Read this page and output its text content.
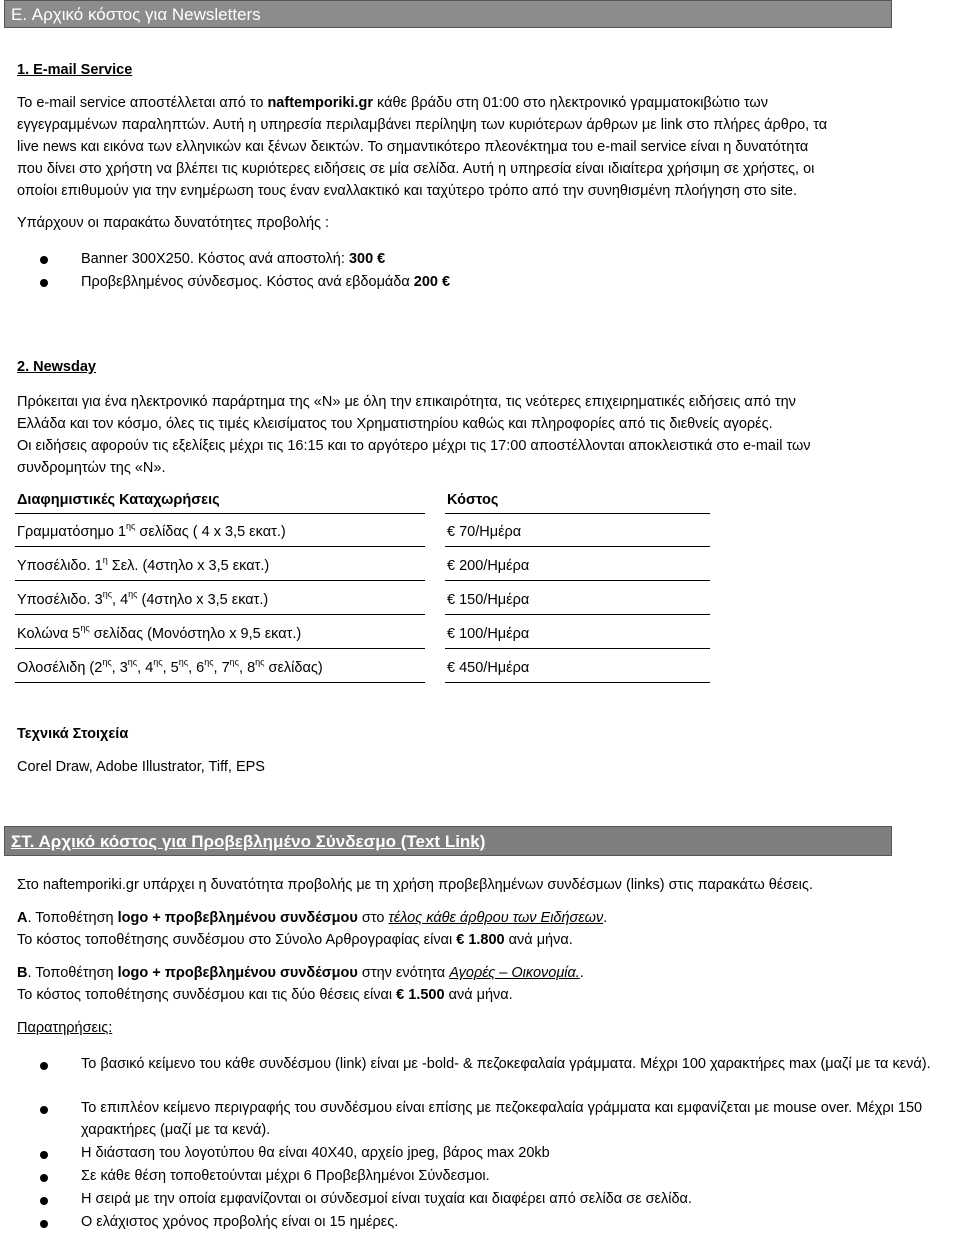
E. Αρχικό κόστος για Newsletters
1. E-mail Service
Το e-mail service αποστέλλεται από το naftemporiki.gr κάθε βράδυ στη 01:00 στο ηλεκτρονικό γραμματοκιβώτιο των
εγγεγραμμένων παραληπτών. Αυτή η υπηρεσία περιλαμβάνει περίληψη των κυριότερων άρθρων με link στο πλήρες άρθρο, τα
live news και εικόνα των ελληνικών και ξένων δεικτών. Το σημαντικότερο πλεονέκτημα του e-mail service είναι η δυνατότητα
που δίνει στο χρήστη να βλέπει τις κυριότερες ειδήσεις σε μία σελίδα. Αυτή η υπηρεσία είναι ιδιαίτερα χρήσιμη σε χρήστες, οι
οποίοι επιθυμούν για την ενημέρωση τους έναν εναλλακτικό και ταχύτερο τρόπο από την συνηθισμένη πλοήγηση στο site.
Υπάρχουν οι παρακάτω δυνατότητες προβολής :
Banner 300X250. Κόστος ανά αποστολή: 300 €
Προβεβλημένος σύνδεσμος. Κόστος ανά εβδομάδα 200 €
2. Newsday
Πρόκειται για ένα ηλεκτρονικό παράρτημα της «Ν» με όλη την επικαιρότητα, τις νεότερες επιχειρηματικές ειδήσεις από την
Ελλάδα και τον κόσμο, όλες τις τιμές κλεισίματος του Χρηματιστηρίου καθώς και πληροφορίες από τις διεθνείς αγορές.
Οι ειδήσεις αφορούν τις εξελίξεις μέχρι τις 16:15 και το αργότερο μέχρι τις 17:00 αποστέλλονται αποκλειστικά στο e-mail των
συνδρομητών της «Ν».
Διαφημιστικές Καταχωρήσεις	Κόστος
Γραμματόσημο $1^{\eta\varsigma}$ σελίδας ( 4 x 3,5 εκατ.)	€ 70/Ημέρα
Υποσέλιδο. $1^\eta$ Σελ. (4στηλο x 3,5 εκατ.)	€ 200/Ημέρα
Υποσέλιδο. $3^{\eta\varsigma}$, $4^{\eta\varsigma}$ (4στηλο x 3,5 εκατ.)	€ 150/Ημέρα
Κολώνα $5^{\eta\varsigma}$ σελίδας (Μονόστηλο x 9,5 εκατ.)	€ 100/Ημέρα
Ολοσέλιδη ($2^{\eta\varsigma}$, $3^{\eta\varsigma}$, $4^{\eta\varsigma}$, $5^{\eta\varsigma}$, $6^{\eta\varsigma}$, $7^{\eta\varsigma}$, $8^{\eta\varsigma}$ σελίδας)	€ 450/Ημέρα
Τεχνικά Στοιχεία
Corel Draw, Adobe Illustrator, Tiff, EPS
ΣΤ. Αρχικό κόστος για Προβεβλημένο Σύνδεσμο (Text Link)
Στο naftemporiki.gr υπάρχει η δυνατότητα προβολής με τη χρήση προβεβλημένων συνδέσμων (links) στις παρακάτω θέσεις.
Α. Τοποθέτηση logo + προβεβλημένου συνδέσμου στο τέλος κάθε άρθρου των Ειδήσεων.
Το κόστος τοποθέτησης συνδέσμου στο Σύνολο Αρθρογραφίας είναι € 1.800 ανά μήνα.
Β. Τοποθέτηση logo + προβεβλημένου συνδέσμου στην ενότητα Αγορές – Οικονομία..
Το κόστος τοποθέτησης συνδέσμου και τις δύο θέσεις είναι € 1.500 ανά μήνα.
Παρατηρήσεις:
Το βασικό κείμενο του κάθε συνδέσμου (link) είναι με -bold- & πεζοκεφαλαία γράμματα. Μέχρι 100 χαρακτήρες max (μαζί με τα κενά).
Το επιπλέον κείμενο περιγραφής του συνδέσμου είναι επίσης με πεζοκεφαλαία γράμματα και εμφανίζεται με mouse over. Μέχρι 150 χαρακτήρες (μαζί με τα κενά).
Η διάσταση του λογοτύπου θα είναι 40Χ40, αρχείο jpeg, βάρος max 20kb
Σε κάθε θέση τοποθετούνται μέχρι 6 Προβεβλημένοι Σύνδεσμοι.
Η σειρά με την οποία εμφανίζονται οι σύνδεσμοί είναι τυχαία και διαφέρει από σελίδα σε σελίδα.
Ο ελάχιστος χρόνος προβολής είναι οι 15 ημέρες.
